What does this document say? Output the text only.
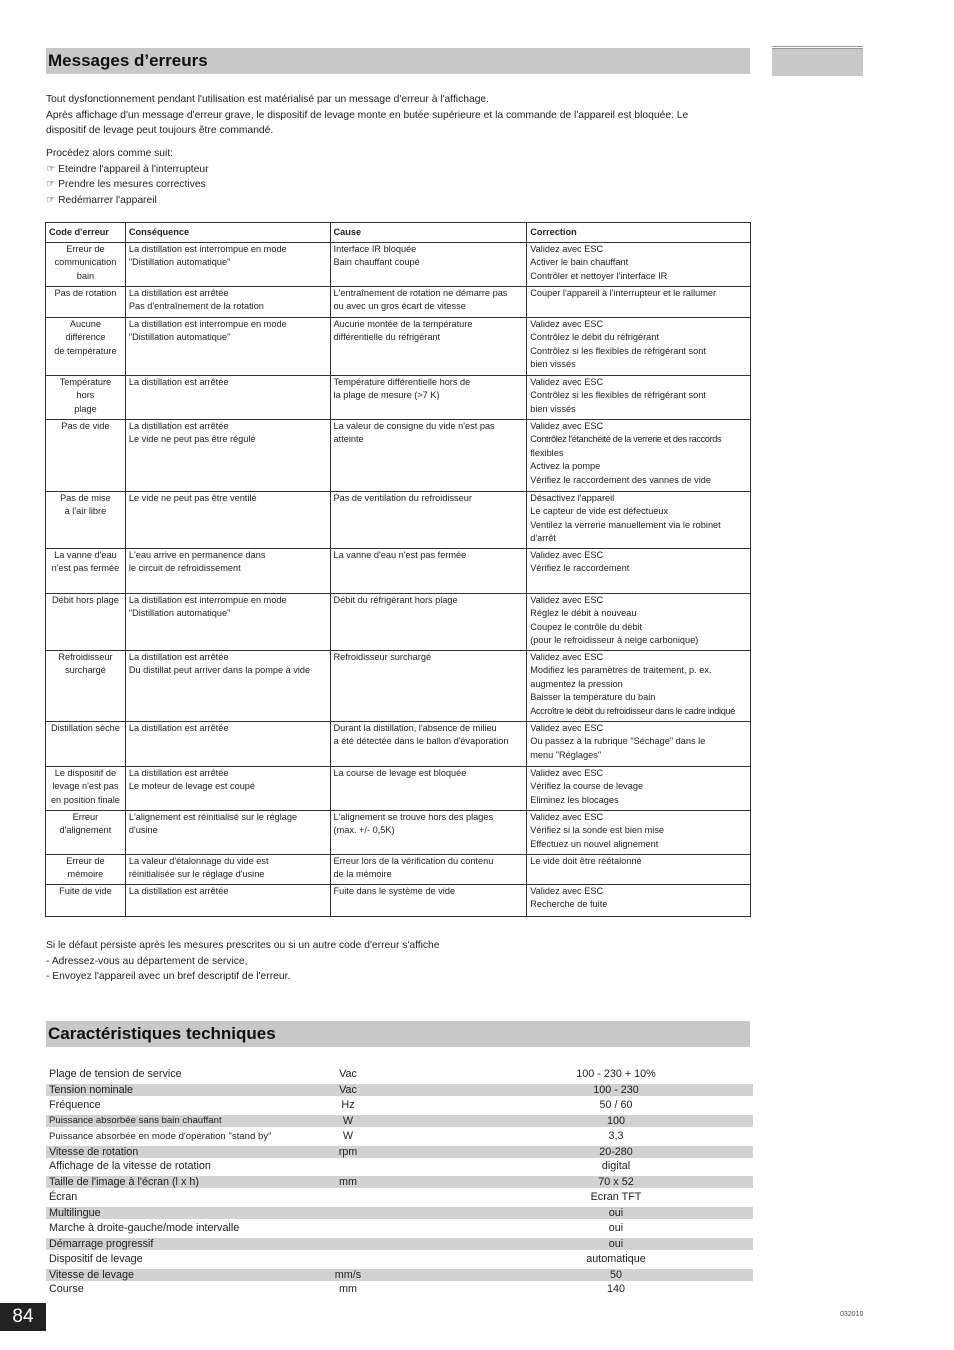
Messages d’erreurs

Tout dysfonctionnement pendant l'utilisation est matérialisé par un message d'erreur à l'affichage.

Après affichage d'un message d'erreur grave, le dispositif de levage monte en butée supérieure et la commande de l'appareil est bloquée. Le

dispositif de levage peut toujours être commandé.

Procédez alors comme suit:

☞ Eteindre l'appareil à l'interrupteur

☞ Prendre les mesures correctives

☞ Redémarrer l'appareil

Code d'erreur	Conséquence	Cause	Correction

Erreur de
communication
bain	La distillation est interrompue en mode
"Distillation automatique"	Interface IR bloquée
Bain chauffant coupé	Validez avec ESC
Activer le bain chauffant
Contrôler et nettoyer l'interface IR

Pas de rotation	La distillation est arrêtée
Pas d'entraînement de la rotation	L'entraînement de rotation ne démarre pas
ou avec un gros écart de vitesse	Couper l'appareil à l'interrupteur et le rallumer

Aucune
différence
de température	La distillation est interrompue en mode
"Distillation automatique"	Aucune montée de la température
différentielle du réfrigérant	Validez avec ESC
Contrôlez le débit du réfrigérant
Contrôlez si les flexibles de réfrigérant sont
bien vissés

Température
hors
plage	La distillation est arrêtée	Température différentielle hors de
la plage de mesure (>7 K)	Validez avec ESC
Contrôlez si les flexibles de réfrigérant sont
bien vissés

Pas de vide	La distillation est arrêtée
Le vide ne peut pas être régulé	La valeur de consigne du vide n'est pas
atteinte	Validez avec ESC
Contrôlez l'étanchéité de la verrerie et des raccords
flexibles
Activez la pompe
Vérifiez le raccordement des vannes de vide

Pas de mise
à l'air libre	Le vide ne peut pas être ventilé	Pas de ventilation du refroidisseur	Désactivez l'appareil
Le capteur de vide est défectueux
Ventilez la verrerie manuellement via le robinet
d'arrêt

La vanne d'eau
n'est pas fermée	L'eau arrive en permanence dans
le circuit de refroidissement	La vanne d'eau n'est pas fermée	Validez avec ESC
Vérifiez le raccordement

Débit hors plage	La distillation est interrompue en mode
"Distillation automatique"	Débit du réfrigérant hors plage	Validez avec ESC
Réglez le débit à nouveau
Coupez le contrôle du débit
(pour le refroidisseur à neige carbonique)

Refroidisseur
surchargé	La distillation est arrêtée
Du distillat peut arriver dans la pompe à vide	Refroidisseur surchargé	Validez avec ESC
Modifiez les paramètres de traitement, p. ex.
augmentez la pression
Baisser la température du bain
Accroître le débit du refroidisseur dans le cadre indiqué

Distillation sèche	La distillation est arrêtée	Durant la distillation, l'absence de milieu
a été détectée dans le ballon d'évaporation	Validez avec ESC
Ou passez à la rubrique "Séchage" dans le
menu "Réglages"

Le dispositif de
levage n'est pas
en position finale	La distillation est arrêtée
Le moteur de levage est coupé	La course de levage est bloquée	Validez avec ESC
Vérifiez la course de levage
Eliminez les blocages

Erreur
d'alignement	L'alignement est réinitialisé sur le réglage
d'usine	L'alignement se trouve hors des plages
(max. +/- 0,5K)	Validez avec ESC
Vérifiez si la sonde est bien mise
Effectuez un nouvel alignement

Erreur de
mémoire	La valeur d'étalonnage du vide est
réinitialisée sur le réglage d'usine	Erreur lors de la vérification du contenu
de la mémoire	Le vide doit être réétalonné

Fuite de vide	La distillation est arrêtée	Fuite dans le système de vide	Validez avec ESC
Recherche de fuite

Si le défaut persiste après les mesures prescrites ou si un autre code d'erreur s'affiche

- Adressez-vous au département de service,

- Envoyez l'appareil avec un bref descriptif de l'erreur.

Caractéristiques techniques
Plage de tension de service	Vac	100 - 230 + 10%
Tension nominale	Vac	100 - 230
Fréquence	Hz	50 / 60
Puissance absorbée sans bain chauffant	W	100
Puissance absorbée en mode d'opération "stand by"	W	3,3
Vitesse de rotation	rpm	20-280
Affichage de la vitesse de rotation	digital
Taille de l'image à l'écran (l x h)	mm	70 x 52
Écran	Ecran TFT
Multilingue	oui
Marche à droite-gauche/mode intervalle	oui
Démarrage progressif	oui
Dispositif de levage	automatique
Vitesse de levage	mm/s	50
Course	mm	140
84	032010
